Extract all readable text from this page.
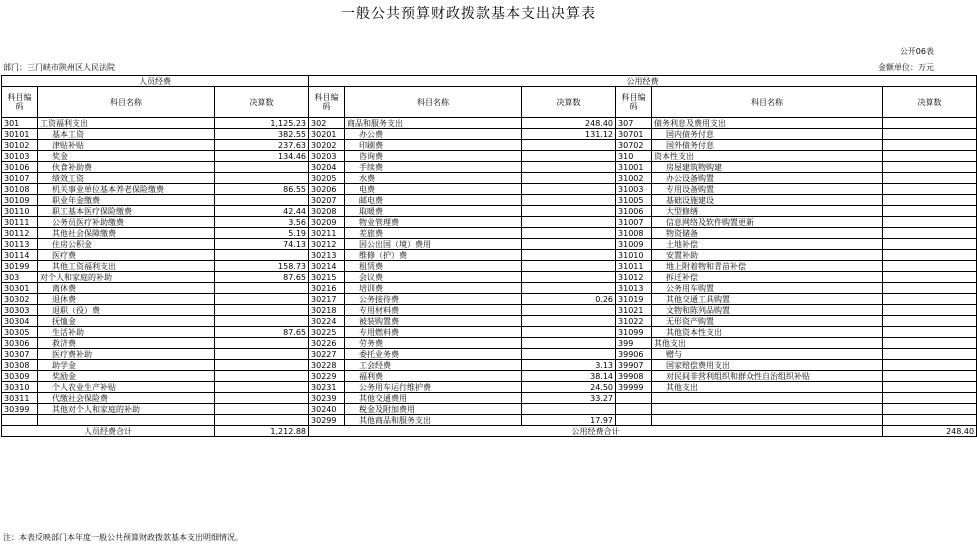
一般公共预算财政拨款基本支出决算表
公开06表
部门：三门峡市陕州区人民法院	金额单位：万元
人员经费			公用经费					
科目编码	科目名称	决算数	科目编码	科目名称	决算数	科目编码	科目名称	决算数
301	工资福利支出	1,125.23	302	商品和服务支出	248.40	307	债务利息及费用支出	
30101	基本工资	382.55	30201	办公费	131.12	30701	国内债务付息	
30102	津贴补贴	237.63	30202	印刷费		30702	国外债务付息	
30103	奖金	134.46	30203	咨询费		310	资本性支出	
30106	伙食补助费		30204	手续费		31001	房屋建筑物购建	
30107	绩效工资		30205	水费		31002	办公设备购置	
30108	机关事业单位基本养老保险缴费	86.55	30206	电费		31003	专用设备购置	
30109	职业年金缴费		30207	邮电费		31005	基础设施建设	
30110	职工基本医疗保险缴费	42.44	30208	取暖费		31006	大型修缮	
30111	公务员医疗补助缴费	3.56	30209	物业管理费		31007	信息网络及软件购置更新	
30112	其他社会保障缴费	5.19	30211	差旅费		31008	物资储备	
30113	住房公积金	74.13	30212	因公出国（境）费用		31009	土地补偿	
30114	医疗费		30213	维修（护）费		31010	安置补助	
30199	其他工资福利支出	158.73	30214	租赁费		31011	地上附着物和青苗补偿	
303	对个人和家庭的补助	87.65	30215	会议费		31012	拆迁补偿	
30301	离休费		30216	培训费		31013	公务用车购置	
30302	退休费		30217	公务接待费	0.26	31019	其他交通工具购置	
30303	退职（役）费		30218	专用材料费		31021	文物和陈列品购置	
30304	抚恤金		30224	被装购置费		31022	无形资产购置	
30305	生活补助	87.65	30225	专用燃料费		31099	其他资本性支出	
30306	救济费		30226	劳务费		399	其他支出	
30307	医疗费补助		30227	委托业务费		39906	赠与	
30308	助学金		30228	工会经费	3.13	39907	国家赔偿费用支出	
30309	奖励金		30229	福利费	38.14	39908	对民间非营利组织和群众性自治组织补贴	
30310	个人农业生产补贴		30231	公务用车运行维护费	24.50	39999	其他支出	
30311	代缴社会保险费		30239	其他交通费用	33.27			
30399	其他对个人和家庭的补助		30240	税金及附加费用				
			30299	其他商品和服务支出	17.97			
人员经费合计		1,212.88	公用经费合计					248.40
注：本表反映部门本年度一般公共预算财政拨款基本支出明细情况。
